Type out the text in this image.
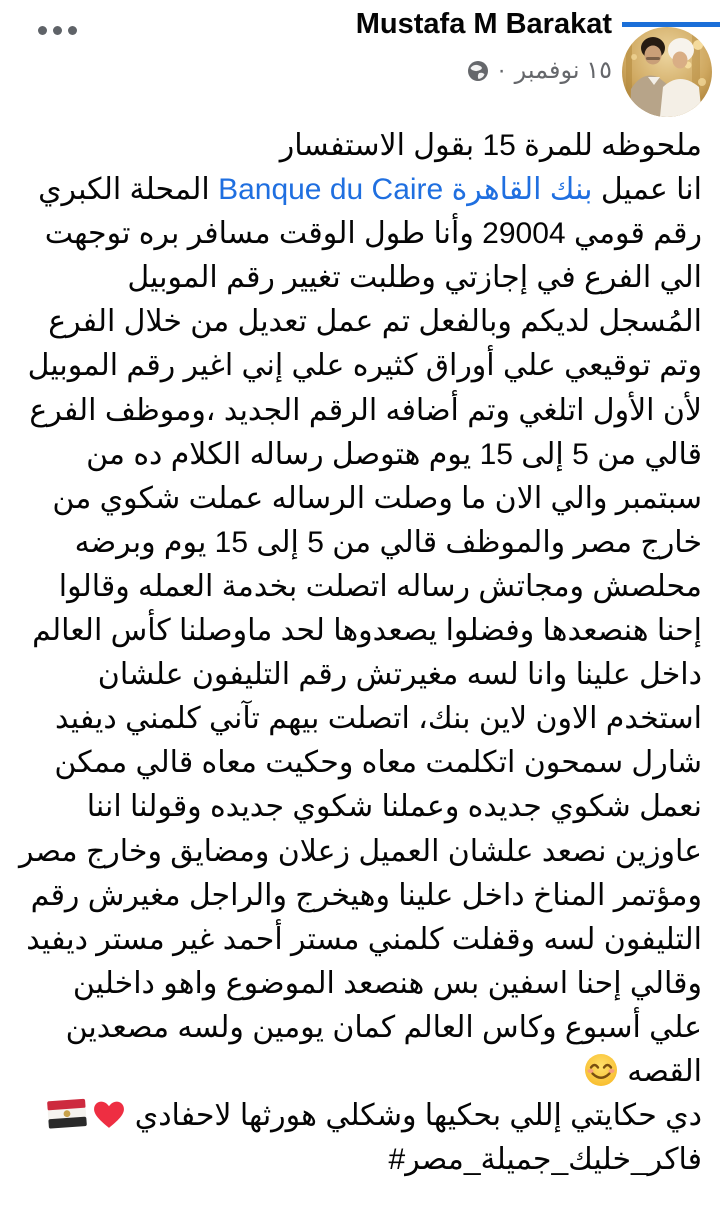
Mustafa M Barakat
١٥ نوفمبر
·

ملحوظه للمرة 15 بقول الاستفسار

انا عميل بنك القاهرة Banque du Caire المحلة الكبري رقم قومي 29004 وأنا طول الوقت مسافر بره توجهت الي الفرع في إجازتي وطلبت تغيير رقم الموبيل المُسجل لديكم وبالفعل تم عمل تعديل من خلال الفرع وتم توقيعي علي أوراق كثيره علي إني اغير رقم الموبيل لأن الأول اتلغي وتم أضافه الرقم الجديد ،وموظف الفرع قالي من 5 إلى 15 يوم هتوصل رساله الكلام ده من سبتمبر والي الان ما وصلت الرساله عملت شكوي من خارج مصر والموظف قالي من 5 إلى 15 يوم وبرضه محلصش ومجاتش رساله اتصلت بخدمة العمله وقالوا إحنا هنصعدها وفضلوا يصعدوها لحد ماوصلنا كأس العالم داخل علينا وانا لسه مغيرتش رقم التليفون علشان استخدم الاون لاين بنك، اتصلت بيهم تآني كلمني ديفيد شارل سمحون اتكلمت معاه وحكيت معاه قالي ممكن نعمل شكوي جديده وعملنا شكوي جديده وقولنا اننا عاوزين نصعد علشان العميل زعلان ومضايق وخارج مصر ومؤتمر المناخ داخل علينا وهيخرج والراجل مغيرش رقم التليفون لسه وقفلت كلمني مستر أحمد غير مستر ديفيد وقالي إحنا اسفين بس هنصعد الموضوع واهو داخلين علي أسبوع وكاس العالم كمان يومين ولسه مصعدين القصه

دي حكايتي إللي بحكيها وشكلي هورثها لاحفادي

#‎مصر‎_‎جميلة‎_‎خليك‎_‎فاكر
